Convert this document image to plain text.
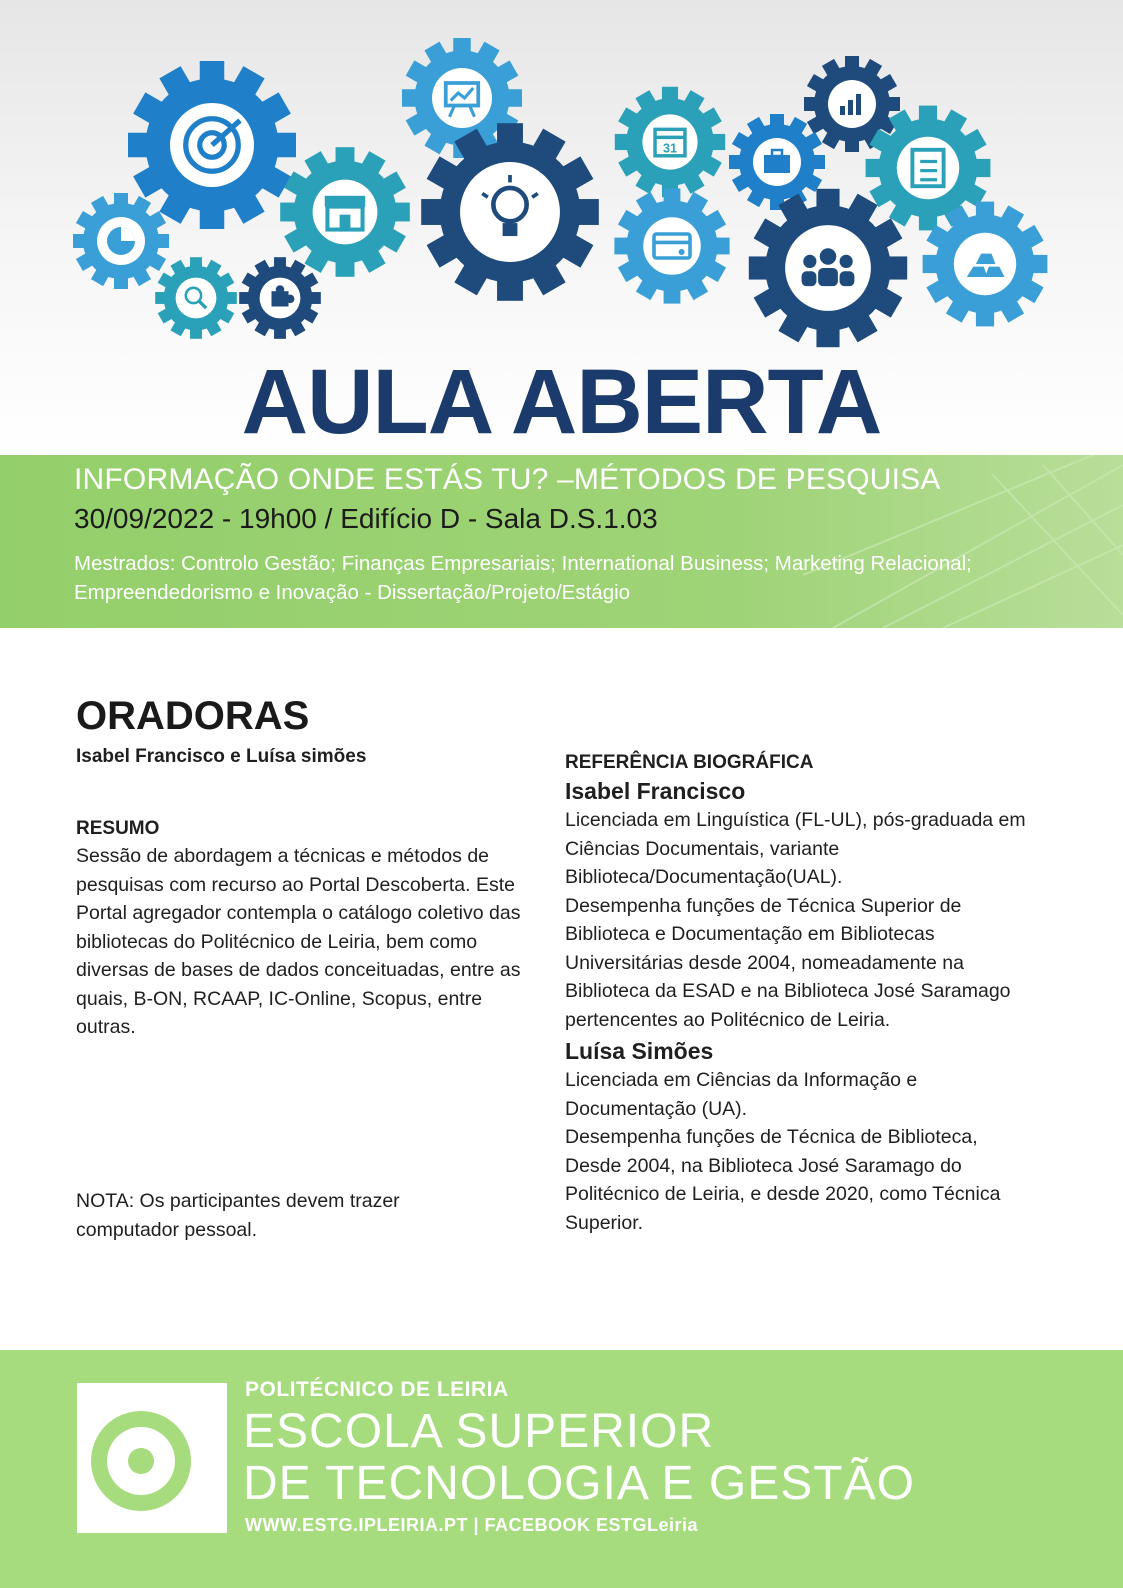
31
AULA ABERTA
INFORMAÇÃO ONDE ESTÁS TU? –MÉTODOS DE PESQUISA
30/09/2022 - 19h00 / Edifício D - Sala D.S.1.03
Mestrados: Controlo Gestão; Finanças Empresariais; International Business; Marketing Relacional; Empreendedorismo e Inovação - Dissertação/Projeto/Estágio
ORADORAS
Isabel Francisco e Luísa simões
RESUMO
Sessão de abordagem a técnicas e métodos de pesquisas com recurso ao Portal Descoberta. Este Portal agregador contempla o catálogo coletivo das bibliotecas do Politécnico de Leiria, bem como diversas de bases de dados conceituadas, entre as quais, B-ON, RCAAP, IC-Online, Scopus, entre outras.
NOTA: Os participantes devem trazer computador pessoal.
REFERÊNCIA BIOGRÁFICA
Isabel Francisco
Licenciada em Linguística (FL-UL), pós-graduada em Ciências Documentais, variante Biblioteca/Documentação(UAL).
Desempenha funções de Técnica Superior de Biblioteca e Documentação em Bibliotecas Universitárias desde 2004, nomeadamente na Biblioteca da ESAD e na Biblioteca José Saramago pertencentes ao Politécnico de Leiria.
Luísa Simões
Licenciada em Ciências da Informação e Documentação (UA).
Desempenha funções de Técnica de Biblioteca, Desde 2004, na Biblioteca José Saramago do Politécnico de Leiria, e desde 2020, como Técnica Superior.
POLITÉCNICO DE LEIRIA
ESCOLA SUPERIOR
DE TECNOLOGIA E GESTÃO
WWW.ESTG.IPLEIRIA.PT | FACEBOOK ESTGLeiria
